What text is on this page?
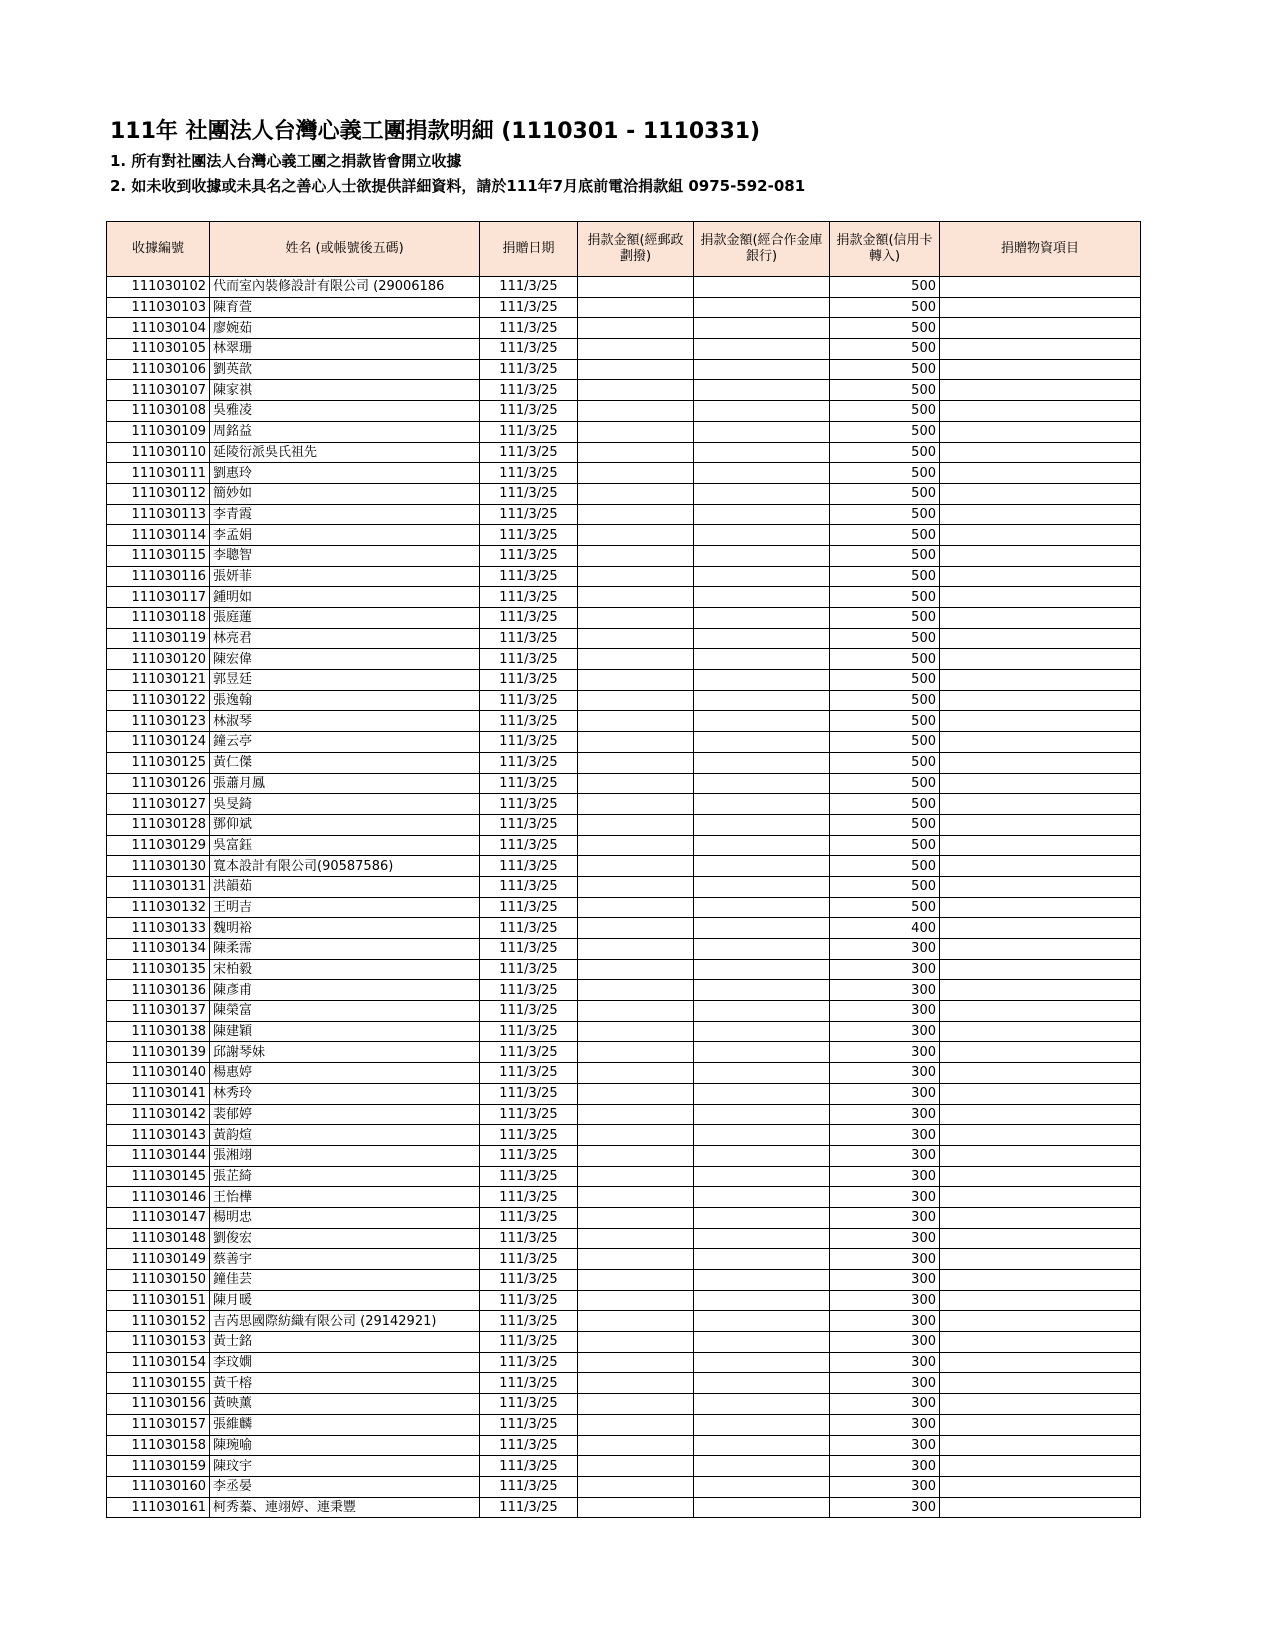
111年 社團法人台灣心義工團捐款明細 (1110301 - 1110331)
1. 所有對社團法人台灣心義工團之捐款皆會開立收據
2. 如未收到收據或未具名之善心人士欲提供詳細資料，請於111年7月底前電洽捐款組 0975-592-081
收據編號	姓名 (或帳號後五碼)	捐贈日期	捐款金額(經郵政劃撥)	捐款金額(經合作金庫銀行)	捐款金額(信用卡轉入)	捐贈物資項目
111030102	代而室內裝修設計有限公司 (29006186	111/3/25			500	
111030103	陳育萱	111/3/25			500	
111030104	廖婉茹	111/3/25			500	
111030105	林翠珊	111/3/25			500	
111030106	劉英歆	111/3/25			500	
111030107	陳家祺	111/3/25			500	
111030108	吳雅凌	111/3/25			500	
111030109	周銘益	111/3/25			500	
111030110	延陵衍派吳氏祖先	111/3/25			500	
111030111	劉惠玲	111/3/25			500	
111030112	簡妙如	111/3/25			500	
111030113	李青霞	111/3/25			500	
111030114	李孟娟	111/3/25			500	
111030115	李聰智	111/3/25			500	
111030116	張妍菲	111/3/25			500	
111030117	鍾明如	111/3/25			500	
111030118	張庭蓮	111/3/25			500	
111030119	林亮君	111/3/25			500	
111030120	陳宏偉	111/3/25			500	
111030121	郭昱廷	111/3/25			500	
111030122	張逸翰	111/3/25			500	
111030123	林淑琴	111/3/25			500	
111030124	鐘云亭	111/3/25			500	
111030125	黃仁傑	111/3/25			500	
111030126	張蕭月鳳	111/3/25			500	
111030127	吳旻錡	111/3/25			500	
111030128	鄧仰斌	111/3/25			500	
111030129	吳富鈺	111/3/25			500	
111030130	寬本設計有限公司(90587586)	111/3/25			500	
111030131	洪韻茹	111/3/25			500	
111030132	王明吉	111/3/25			500	
111030133	魏明裕	111/3/25			400	
111030134	陳柔霈	111/3/25			300	
111030135	宋柏毅	111/3/25			300	
111030136	陳彥甫	111/3/25			300	
111030137	陳榮富	111/3/25			300	
111030138	陳建穎	111/3/25			300	
111030139	邱謝琴妹	111/3/25			300	
111030140	楊惠婷	111/3/25			300	
111030141	林秀玲	111/3/25			300	
111030142	裴郁婷	111/3/25			300	
111030143	黃韵煊	111/3/25			300	
111030144	張湘翊	111/3/25			300	
111030145	張芷綺	111/3/25			300	
111030146	王怡樺	111/3/25			300	
111030147	楊明忠	111/3/25			300	
111030148	劉俊宏	111/3/25			300	
111030149	蔡善宇	111/3/25			300	
111030150	鐘佳芸	111/3/25			300	
111030151	陳月暖	111/3/25			300	
111030152	吉芮思國際紡織有限公司 (29142921)	111/3/25			300	
111030153	黃士銘	111/3/25			300	
111030154	李玟嫺	111/3/25			300	
111030155	黃千榕	111/3/25			300	
111030156	黃映薰	111/3/25			300	
111030157	張維麟	111/3/25			300	
111030158	陳琬喻	111/3/25			300	
111030159	陳玟宇	111/3/25			300	
111030160	李丞晏	111/3/25			300	
111030161	柯秀蓁、連翊婷、連秉豐	111/3/25			300	
